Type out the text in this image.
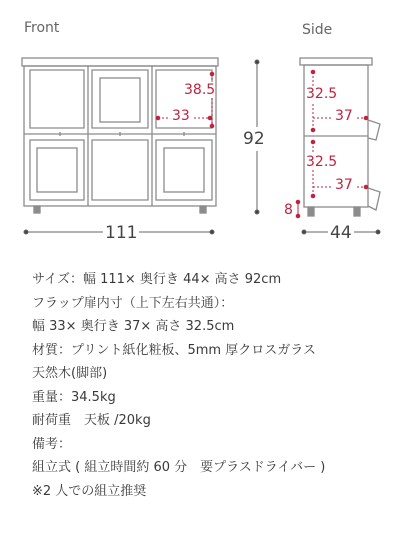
Front	Side
38.5
33
111
92
44
32.5
37
32.5
37
8
サイズ：幅 111× 奥行き 44× 高さ 92cm
フラップ扉内寸（上下左右共通）：
幅 33× 奥行き 37× 高さ 32.5cm
材質：プリント紙化粧板、5mm 厚クロスガラス
天然木(脚部)
重量：34.5kg
耐荷重　天板 /20kg
備考：
組立式 ( 組立時間約 60 分　要プラスドライバー )
※2 人での組立推奨
